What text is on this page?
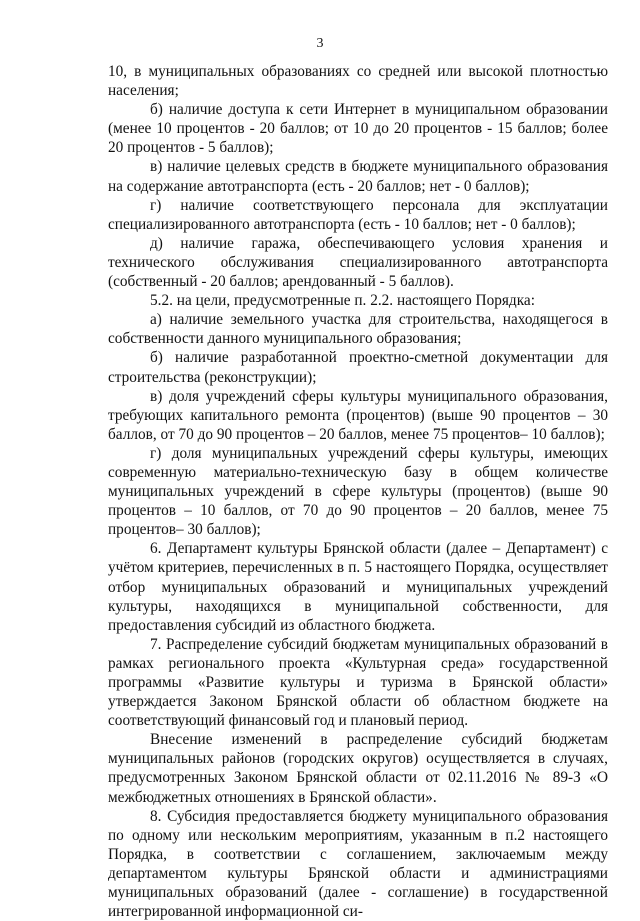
3

10, в муниципальных образованиях со средней или высокой плотностью населения;

б) наличие доступа к сети Интернет в муниципальном образовании (менее 10 процентов - 20 баллов; от 10 до 20 процентов - 15 баллов; более 20 процентов - 5 баллов);

в) наличие целевых средств в бюджете муниципального образования на содержание автотранспорта (есть - 20 баллов; нет - 0 баллов);

г) наличие соответствующего персонала для эксплуатации специализированного автотранспорта (есть - 10 баллов; нет - 0 баллов);

д) наличие гаража, обеспечивающего условия хранения и технического обслуживания специализированного автотранспорта (собственный - 20 баллов; арендованный - 5 баллов).

5.2. на цели, предусмотренные п. 2.2. настоящего Порядка:

а) наличие земельного участка для строительства, находящегося в собственности данного муниципального образования;

б) наличие разработанной проектно-сметной документации для строительства (реконструкции);

в) доля учреждений сферы культуры муниципального образования, требующих капитального ремонта (процентов) (выше 90 процентов – 30 баллов, от 70 до 90 процентов – 20 баллов, менее 75 процентов– 10 баллов);

г) доля муниципальных учреждений сферы культуры, имеющих современную материально-техническую базу в общем количестве муниципальных учреждений в сфере культуры (процентов) (выше 90 процентов – 10 баллов, от 70 до 90 процентов – 20 баллов, менее 75 процентов– 30 баллов);

6. Департамент культуры Брянской области (далее – Департамент) с учётом критериев, перечисленных в п. 5 настоящего Порядка, осуществляет отбор муниципальных образований и муниципальных учреждений культуры, находящихся в муниципальной собственности, для предоставления субсидий из областного бюджета.

7. Распределение субсидий бюджетам муниципальных образований в рамках регионального проекта «Культурная среда» государственной программы «Развитие культуры и туризма в Брянской области» утверждается Законом Брянской области об областном бюджете на соответствующий финансовый год и плановый период.

Внесение изменений в распределение субсидий бюджетам муниципальных районов (городских округов) осуществляется в случаях, предусмотренных Законом Брянской области от 02.11.2016 № 89-З «О межбюджетных отношениях в Брянской области».

8. Субсидия предоставляется бюджету муниципального образования по одному или нескольким мероприятиям, указанным в п.2 настоящего Порядка, в соответствии с соглашением, заключаемым между департаментом культуры Брянской области и администрациями муниципальных образований (далее - соглашение) в государственной интегрированной информационной си-
